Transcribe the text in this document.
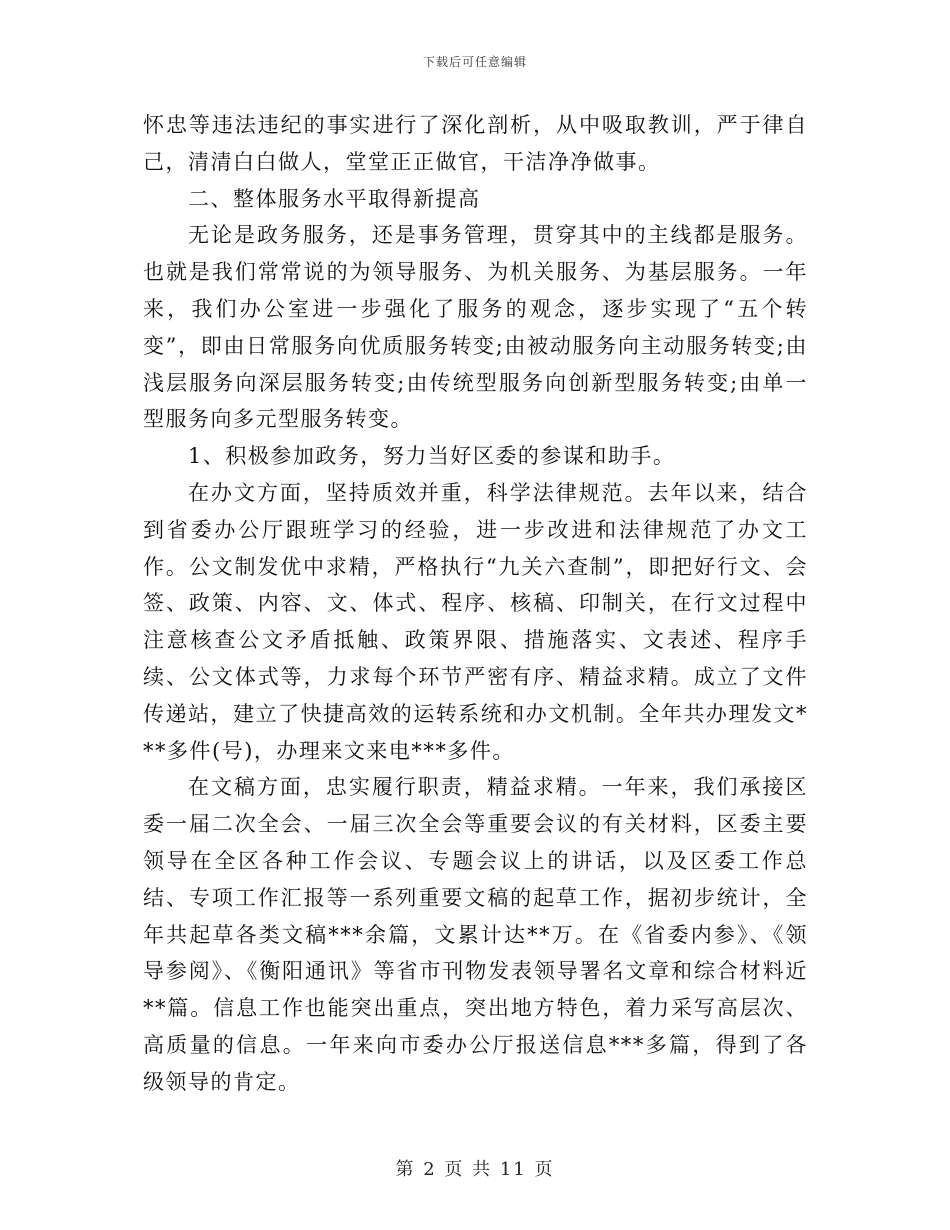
下载后可任意编辑

怀忠等违法违纪的事实进行了深化剖析，从中吸取教训，严于律自己，清清白白做人，堂堂正正做官，干洁净净做事。

二、整体服务水平取得新提高

无论是政务服务，还是事务管理，贯穿其中的主线都是服务。也就是我们常常说的为领导服务、为机关服务、为基层服务。一年来，我们办公室进一步强化了服务的观念，逐步实现了“五个转变”，即由日常服务向优质服务转变;由被动服务向主动服务转变;由浅层服务向深层服务转变;由传统型服务向创新型服务转变;由单一型服务向多元型服务转变。

1、积极参加政务，努力当好区委的参谋和助手。

在办文方面，坚持质效并重，科学法律规范。去年以来，结合到省委办公厅跟班学习的经验，进一步改进和法律规范了办文工作。公文制发优中求精，严格执行“九关六查制”，即把好行文、会签、政策、内容、文、体式、程序、核稿、印制关，在行文过程中注意核查公文矛盾抵触、政策界限、措施落实、文表述、程序手续、公文体式等，力求每个环节严密有序、精益求精。成立了文件传递站，建立了快捷高效的运转系统和办文机制。全年共办理发文***多件(号)，办理来文来电***多件。

在文稿方面，忠实履行职责，精益求精。一年来，我们承接区委一届二次全会、一届三次全会等重要会议的有关材料，区委主要领导在全区各种工作会议、专题会议上的讲话，以及区委工作总结、专项工作汇报等一系列重要文稿的起草工作，据初步统计，全年共起草各类文稿***余篇，文累计达**万。在《省委内参》、《领导参阅》、《衡阳通讯》等省市刊物发表领导署名文章和综合材料近**篇。信息工作也能突出重点，突出地方特色，着力采写高层次、高质量的信息。一年来向市委办公厅报送信息***多篇，得到了各级领导的肯定。

第 2 页 共 11 页
